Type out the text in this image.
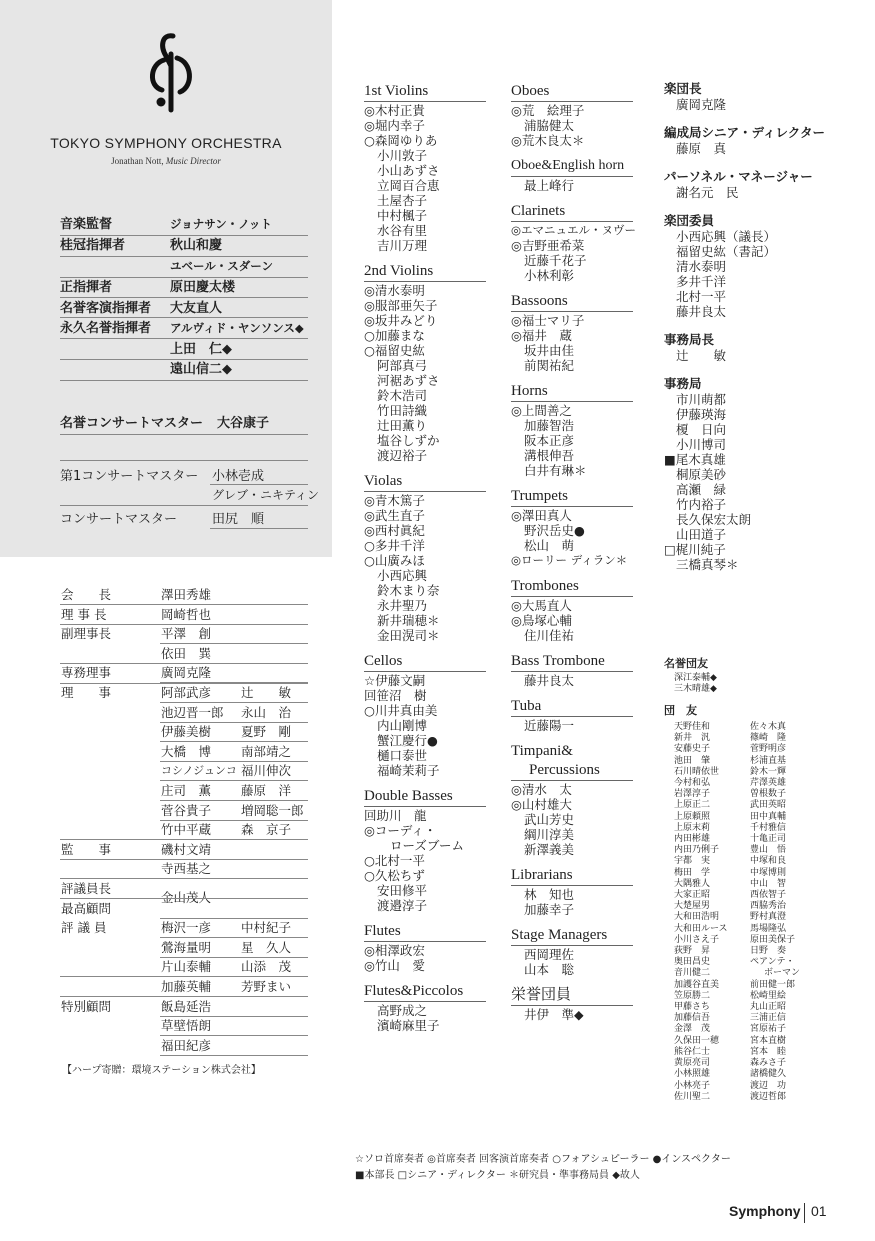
TOKYO SYMPHONY ORCHESTRA
Jonathan Nott, Music Director
音楽監督	ジョナサン・ノット
桂冠指揮者	秋山和慶
ユベール・スダーン
正指揮者	原田慶太楼
名誉客演指揮者 大友直人
永久名誉指揮者 アルヴィド・ヤンソンス◆
上田　仁◆
遠山信二◆
名誉コンサートマスター 大谷康子
第1コンサートマスター 小林壱成
グレブ・ニキティン
コンサートマスター	田尻　順
会　　長	澤田秀雄
理 事 長	岡崎哲也
副理事長	平澤　創
依田　巽
専務理事	廣岡克隆
理　　事	阿部武彦 辻　　敏
池辺晋一郎 永山　治
伊藤美樹 夏野　剛
大橋　博 南部靖之
コシノジュンコ 福川伸次
庄司　薫 藤原　洋
菅谷貴子 増岡聡一郎
竹中平蔵 森　京子
監　　事	磯村文靖
寺西基之
評議員長
金山茂人
最高顧問
評 議 員	梅沢一彦 中村紀子
鶯海量明 星　久人
片山泰輔 山添　茂
加藤英輔 芳野まい
特別顧問	飯島延浩
草壁悟朗
福田紀彦
【ハープ寄贈：環境ステーション株式会社】
1st Violins
◎木村正貴
◎堀内幸子
○森岡ゆりあ
小川敦子
小山あずさ
立岡百合恵
土屋杏子
中村楓子
水谷有里
吉川万理
2nd Violins
◎清水泰明
◎服部亜矢子
◎坂井みどり
○加藤まな
○福留史紘
阿部真弓
河裾あずさ
鈴木浩司
竹田詩織
辻田薫り
塩谷しずか
渡辺裕子
Violas
◎青木篤子
◎武生直子
◎西村眞紀
○多井千洋
○山廣みほ
小西応興
鈴木まり奈
永井聖乃
新井瑞穂＊
金田滉司＊
Cellos
☆伊藤文嗣
回笹沼　樹
○川井真由美
内山剛博
蟹江慶行●
樋口泰世
福崎茉莉子
Double Basses
回助川　龍
◎コーディ・
ローズブーム
○北村一平
○久松ちず
安田修平
渡邉淳子
Flutes
◎相澤政宏
◎竹山　愛
Flutes&Piccolos
高野成之
濱崎麻里子
Oboes
◎荒　絵理子
浦脇健太
◎荒木良太＊
Oboe&English horn
最上峰行
Clarinets
◎エマニュエル・ヌヴー
◎吉野亜希菜
近藤千花子
小林利彰
Bassoons
◎福士マリ子
◎福井　蔵
坂井由佳
前関祐紀
Horns
◎上間善之
加藤智浩
阪本正彦
溝根伸吾
白井有琳＊
Trumpets
◎澤田真人
野沢岳史●
松山　萌
◎ローリー ディラン＊
Trombones
◎大馬直人
◎鳥塚心輔
住川佳祐
Bass Trombone
藤井良太
Tuba
近藤陽一
Timpani&
Percussions
◎清水　太
◎山村雄大
武山芳史
綱川淳美
新澤義美
Librarians
林　知也
加藤幸子
Stage Managers
西岡理佐
山本　聡
栄誉団員
井伊　準◆
楽団長
廣岡克隆
編成局シニア・ディレクター
藤原　真
パーソネル・マネージャー
謝名元　民
楽団委員
小西応興（議長）
福留史紘（書記）
清水泰明
多井千洋
北村一平
藤井良太
事務局長
辻　　敏
事務局
市川萌都
伊藤瑛海
榎　日向
小川博司
■尾木真雄
桐原美砂
高瀬　緑
竹内裕子
長久保宏太朗
山田道子
□梶川純子
三橋真琴＊
名誉団友
深江泰輔◆
三木晴雄◆
団　友
天野佳和
新井　汎
安藤史子
池田　肇
石川晴依世
今村和弘
岩澤淳子
上原正二
上原頼照
上原末莉
内田彬雄
内田乃俐子
宇都　実
梅田　学
大隅雅人
大家正昭
大楚屋男
大和田浩明
大和田ルース
小川さえ子
荻野　昇
奥田昌史
音川健二
加護谷直美
笠原勝二
甲藤さち
加藤信吾
金澤　茂
久保田一穂
熊谷仁士
黄原亮司
小林照雄
小林亮子
佐川聖二
佐々木真
篠崎　隆
菅野明彦
杉浦直基
鈴木一輝
芹澤英雄
曽根数子
武田英昭
田中真輔
千村雅信
十亀正司
豊山　悟
中塚和良
中塚博則
中山　智
西依智子
西脇秀治
野村真澄
馬場隆弘
原田美保子
日野　奏
ペアンテ・
ボーマン
前田健一郎
松崎里絵
丸山正昭
三浦正信
宮原祐子
宮本直樹
宮本　睦
森みさ子
諸橋健久
渡辺　功
渡辺哲郎
☆ソロ首席奏者 ◎首席奏者 回客演首席奏者 ○フォアシュピーラー ●インスペクター
■本部長 □シニア・ディレクター ＊研究員・準事務局員 ◆故人
Symphony 01
